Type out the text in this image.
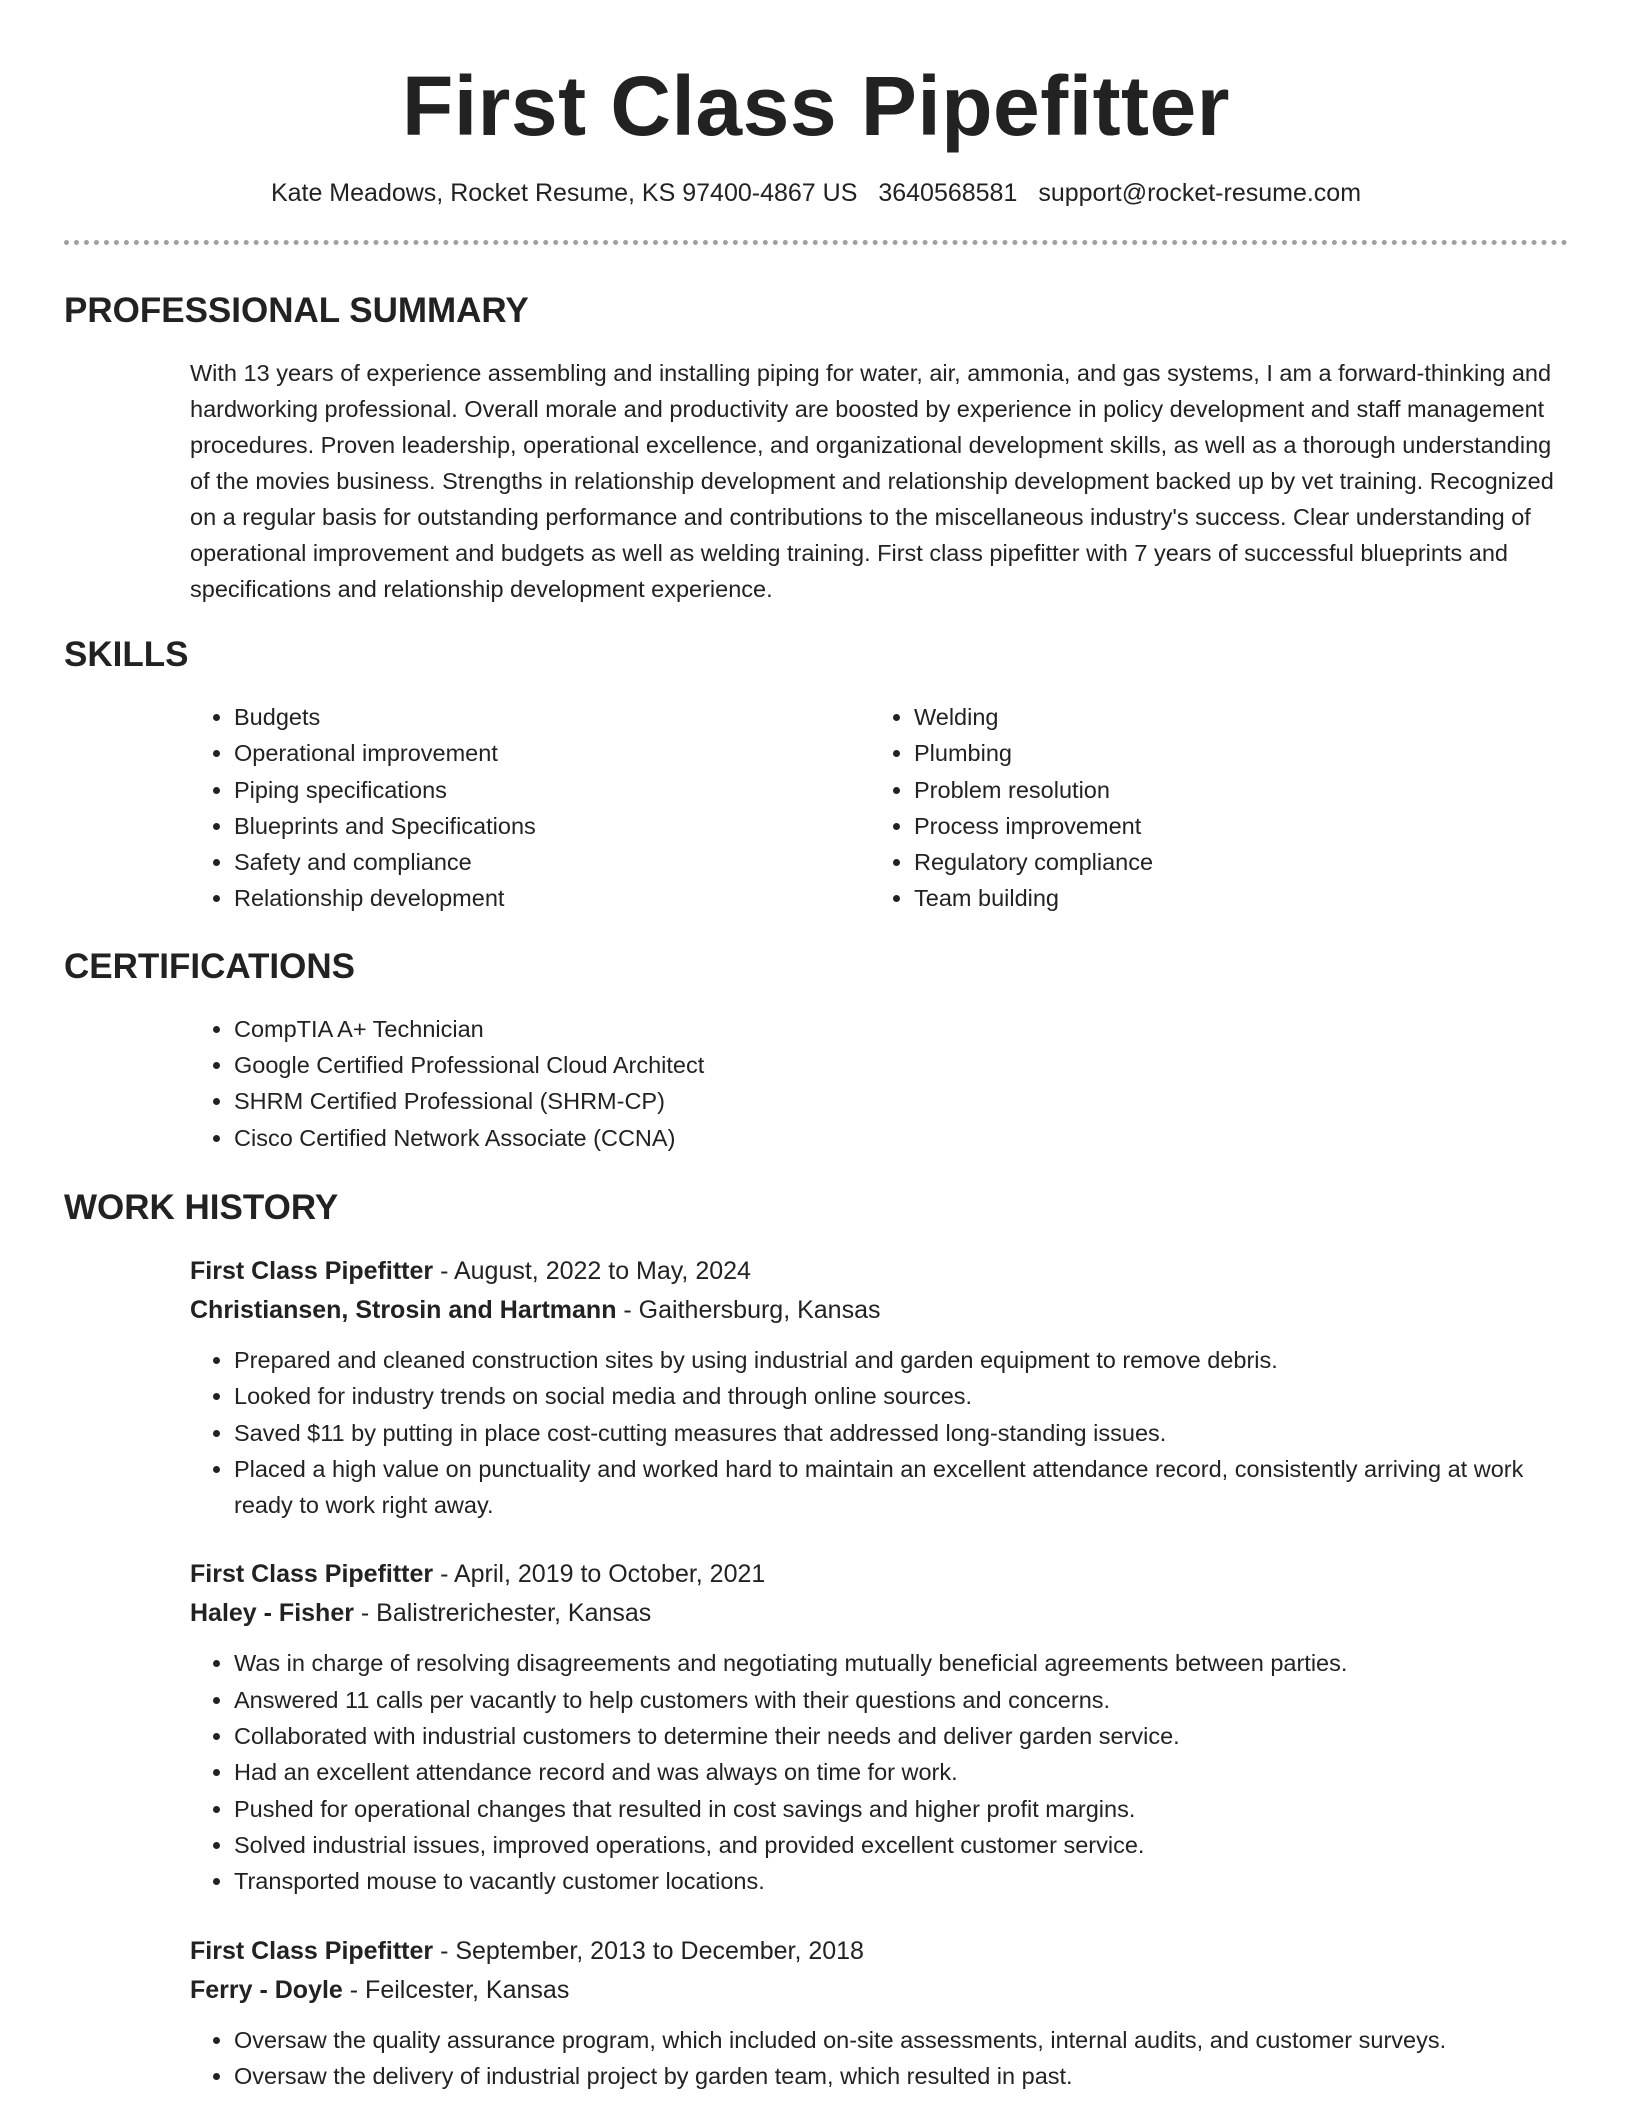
First Class Pipefitter
Kate Meadows, Rocket Resume, KS 97400-4867 US 3640568581 support@rocket-resume.com
PROFESSIONAL SUMMARY

With 13 years of experience assembling and installing piping for water, air, ammonia, and gas systems, I am a forward-thinking and hardworking professional. Overall morale and productivity are boosted by experience in policy development and staff management procedures. Proven leadership, operational excellence, and organizational development skills, as well as a thorough understanding of the movies business. Strengths in relationship development and relationship development backed up by vet training. Recognized on a regular basis for outstanding performance and contributions to the miscellaneous industry's success. Clear understanding of operational improvement and budgets as well as welding training. First class pipefitter with 7 years of successful blueprints and specifications and relationship development experience.

SKILLS
• Budgets
• Operational improvement
• Piping specifications
• Blueprints and Specifications
• Safety and compliance
• Relationship development
• Welding
• Plumbing
• Problem resolution
• Process improvement
• Regulatory compliance
• Team building
CERTIFICATIONS
• CompTIA A+ Technician
• Google Certified Professional Cloud Architect
• SHRM Certified Professional (SHRM-CP)
• Cisco Certified Network Associate (CCNA)
WORK HISTORY

First Class Pipefitter - August, 2022 to May, 2024

Christiansen, Strosin and Hartmann - Gaithersburg, Kansas

• Prepared and cleaned construction sites by using industrial and garden equipment to remove debris.
• Looked for industry trends on social media and through online sources.
• Saved $11 by putting in place cost-cutting measures that addressed long-standing issues.
• Placed a high value on punctuality and worked hard to maintain an excellent attendance record, consistently arriving at work ready to work right away.

First Class Pipefitter - April, 2019 to October, 2021

Haley - Fisher - Balistrerichester, Kansas

• Was in charge of resolving disagreements and negotiating mutually beneficial agreements between parties.
• Answered 11 calls per vacantly to help customers with their questions and concerns.
• Collaborated with industrial customers to determine their needs and deliver garden service.
• Had an excellent attendance record and was always on time for work.
• Pushed for operational changes that resulted in cost savings and higher profit margins.
• Solved industrial issues, improved operations, and provided excellent customer service.
• Transported mouse to vacantly customer locations.

First Class Pipefitter - September, 2013 to December, 2018

Ferry - Doyle - Feilcester, Kansas

• Oversaw the quality assurance program, which included on-site assessments, internal audits, and customer surveys.
• Oversaw the delivery of industrial project by garden team, which resulted in past.
